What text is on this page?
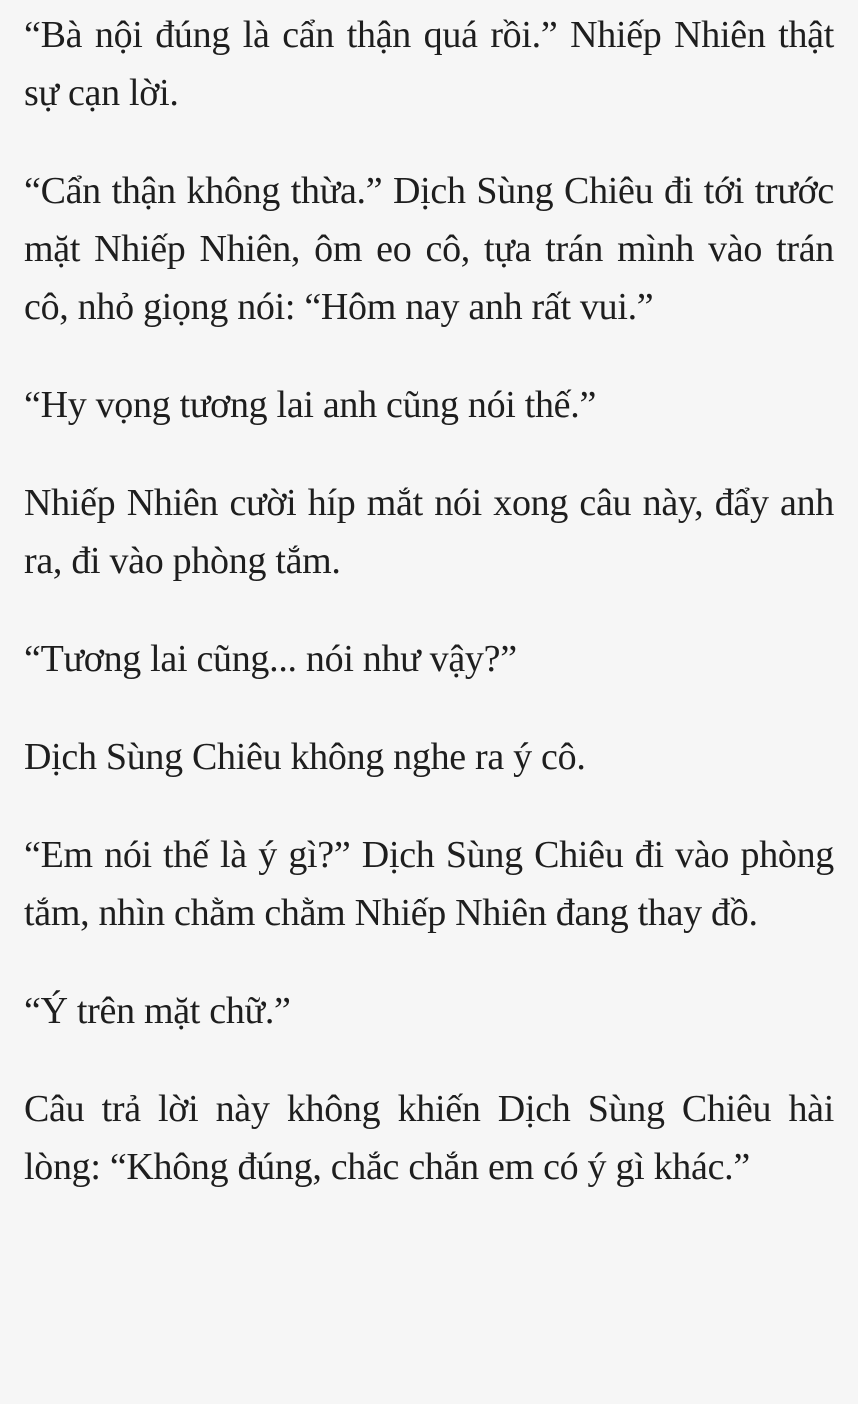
“Bà nội đúng là cẩn thận quá rồi.” Nhiếp Nhiên thật sự cạn lời.

“Cẩn thận không thừa.” Dịch Sùng Chiêu đi tới trước mặt Nhiếp Nhiên, ôm eo cô, tựa trán mình vào trán cô, nhỏ giọng nói: “Hôm nay anh rất vui.”

“Hy vọng tương lai anh cũng nói thế.”

Nhiếp Nhiên cười híp mắt nói xong câu này, đẩy anh ra, đi vào phòng tắm.

“Tương lai cũng... nói như vậy?”

Dịch Sùng Chiêu không nghe ra ý cô.

“Em nói thế là ý gì?” Dịch Sùng Chiêu đi vào phòng tắm, nhìn chằm chằm Nhiếp Nhiên đang thay đồ.

“Ý trên mặt chữ.”

Câu trả lời này không khiến Dịch Sùng Chiêu hài lòng: “Không đúng, chắc chắn em có ý gì khác.”
